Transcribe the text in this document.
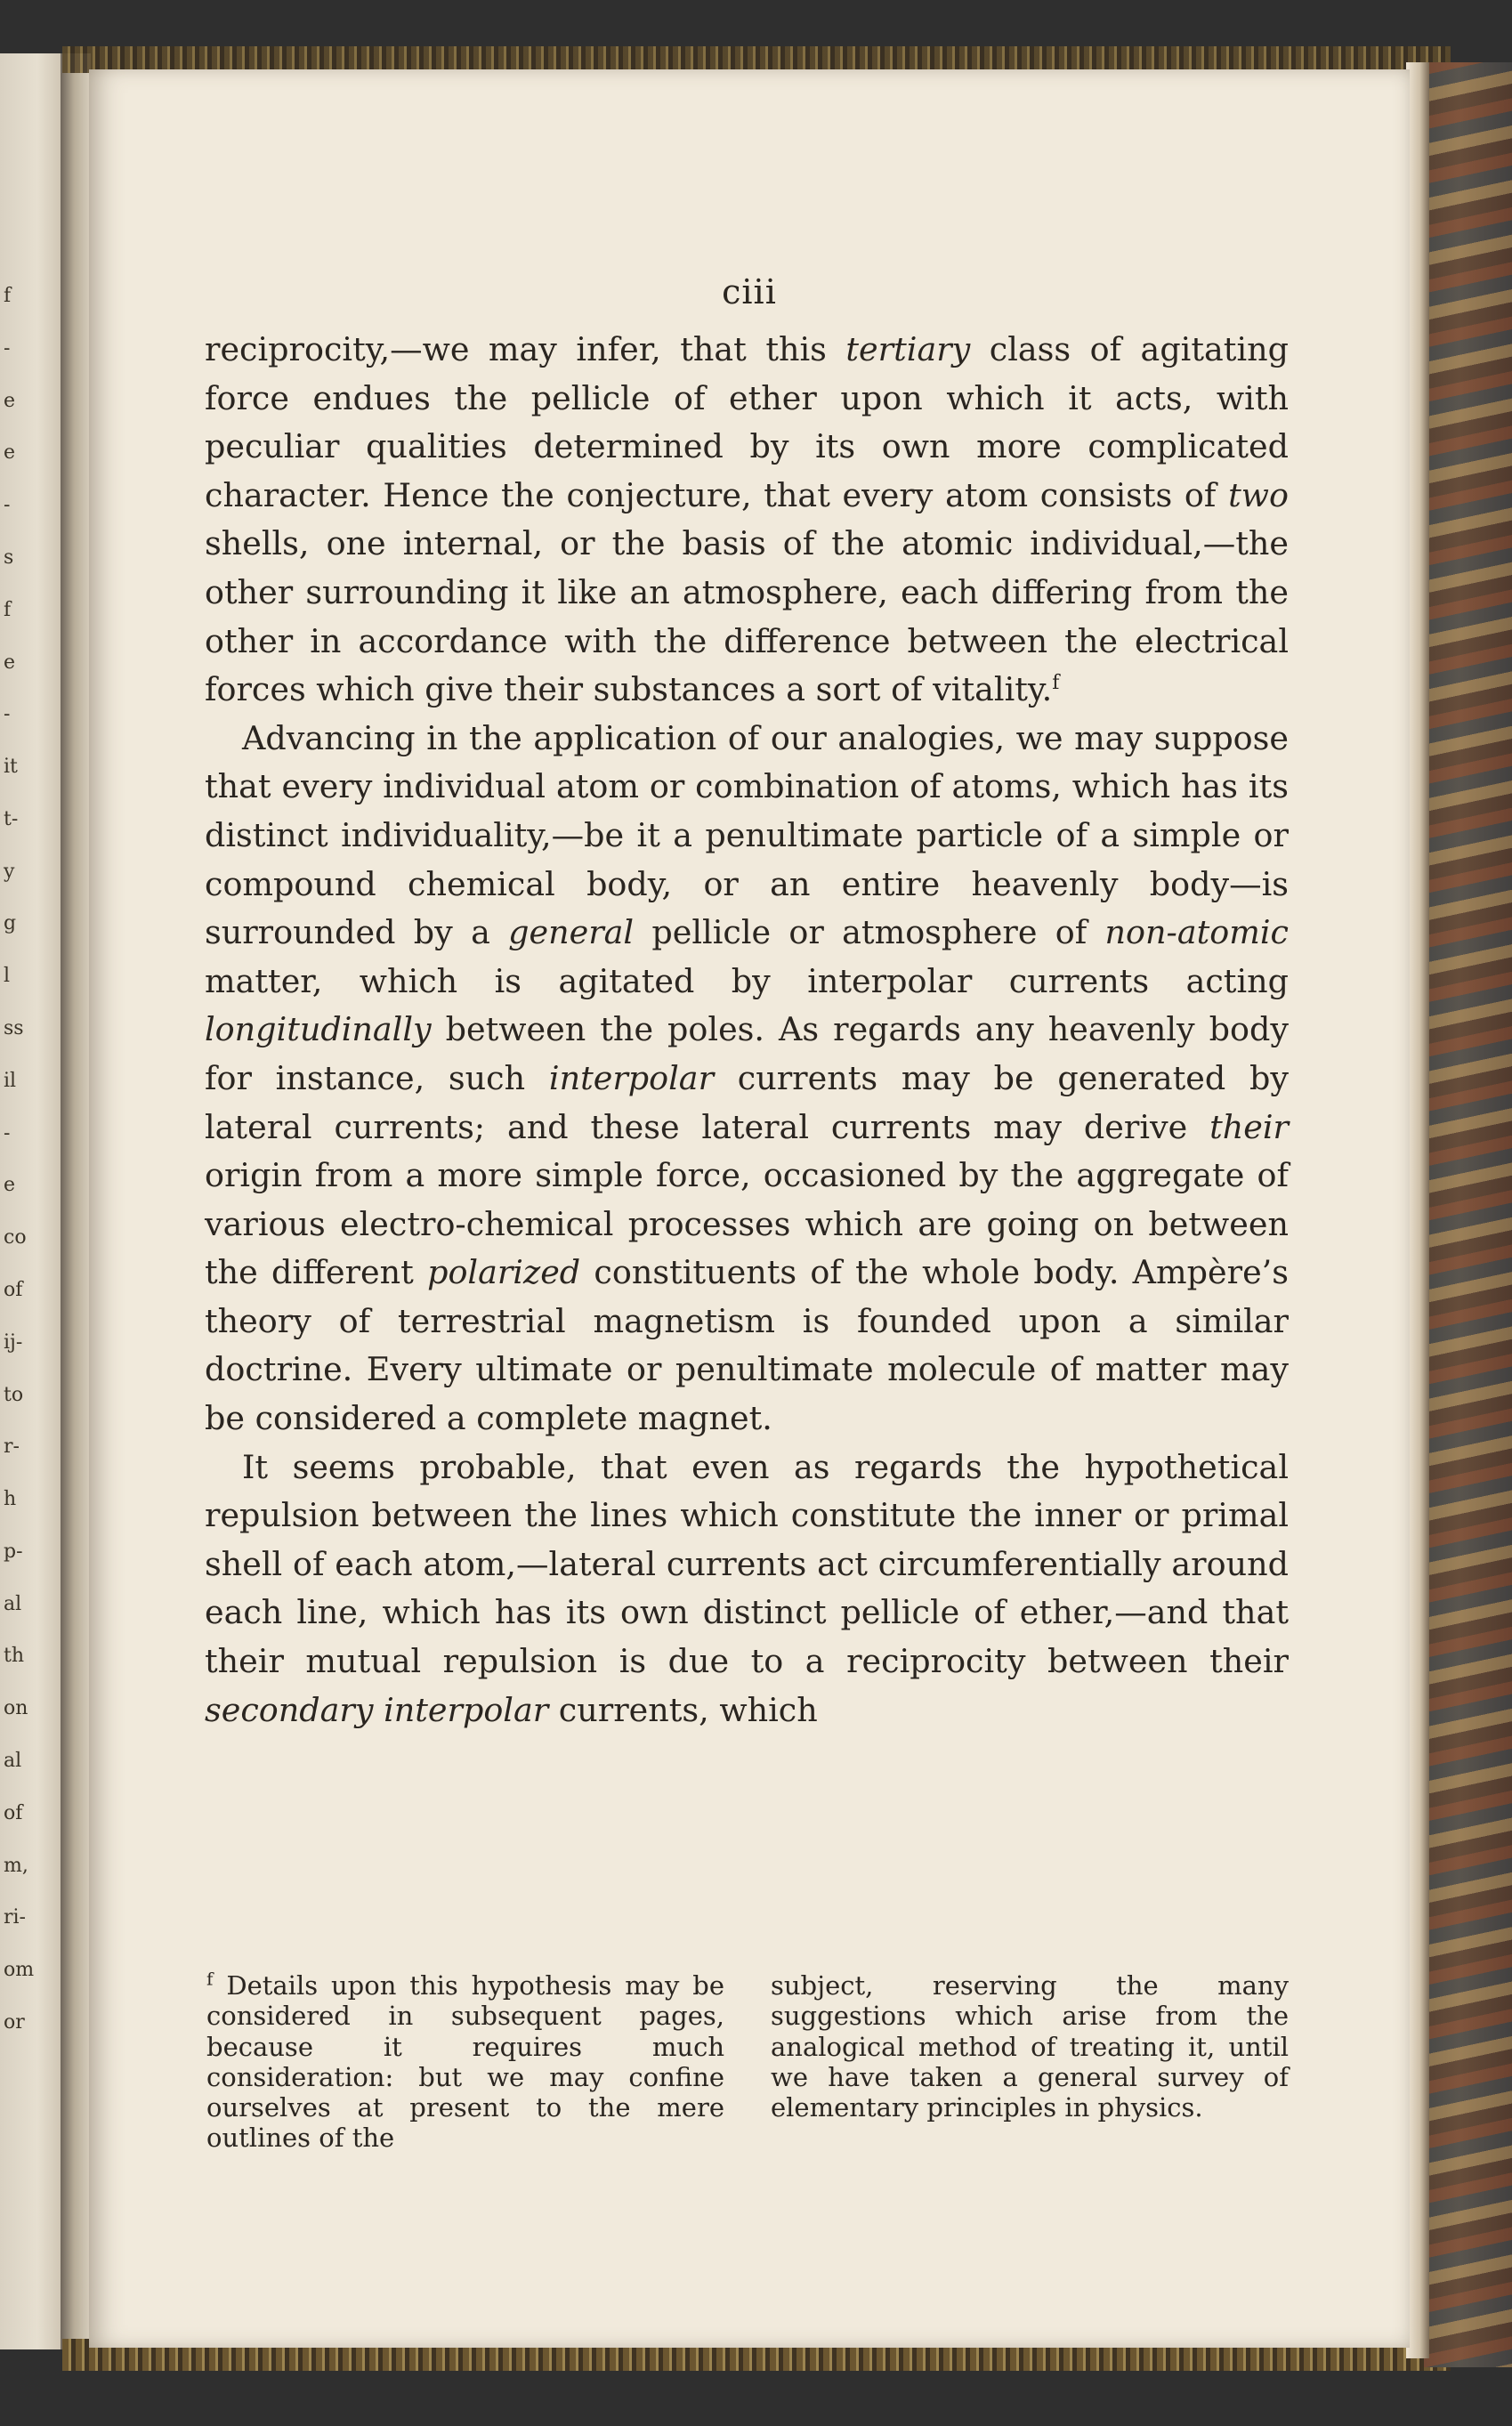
f
-
e
e
-
s
f
e
-
it
t-
y
g
l
ss
il
-
e
co
of
ij-
to
r-
h
p-
al
th
on
al
of
m,
ri-
om
or
ciii

reciprocity,—we may infer, that this tertiary class of agitating force endues the pellicle of ether upon which it acts, with peculiar qualities determined by its own more complicated character. Hence the conjecture, that every atom consists of two shells, one internal, or the basis of the atomic individual,—the other surrounding it like an atmosphere, each differing from the other in accordance with the difference between the electrical forces which give their substances a sort of vitality.$^f$

Advancing in the application of our analogies, we may suppose that every individual atom or combination of atoms, which has its distinct individuality,—be it a penultimate particle of a simple or compound chemical body, or an entire heavenly body—is surrounded by a general pellicle or atmosphere of non-atomic matter, which is agitated by interpolar currents acting longitudinally between the poles. As regards any heavenly body for instance, such interpolar currents may be generated by lateral currents; and these lateral currents may derive their origin from a more simple force, occasioned by the aggregate of various electro-chemical processes which are going on between the different polarized constituents of the whole body. Ampère’s theory of terrestrial magnetism is founded upon a similar doctrine. Every ultimate or penultimate molecule of matter may be considered a complete magnet.

It seems probable, that even as regards the hypothetical repulsion between the lines which constitute the inner or primal shell of each atom,—lateral currents act circumferentially around each line, which has its own distinct pellicle of ether,—and that their mutual repulsion is due to a reciprocity between their secondary interpolar currents, which

$^f$ Details upon this hypothesis may be considered in subsequent pages, because it requires much consideration: but we may confine ourselves at present to the mere outlines of the
subject, reserving the many suggestions which arise from the analogical method of treating it, until we have taken a general survey of elementary principles in physics.
